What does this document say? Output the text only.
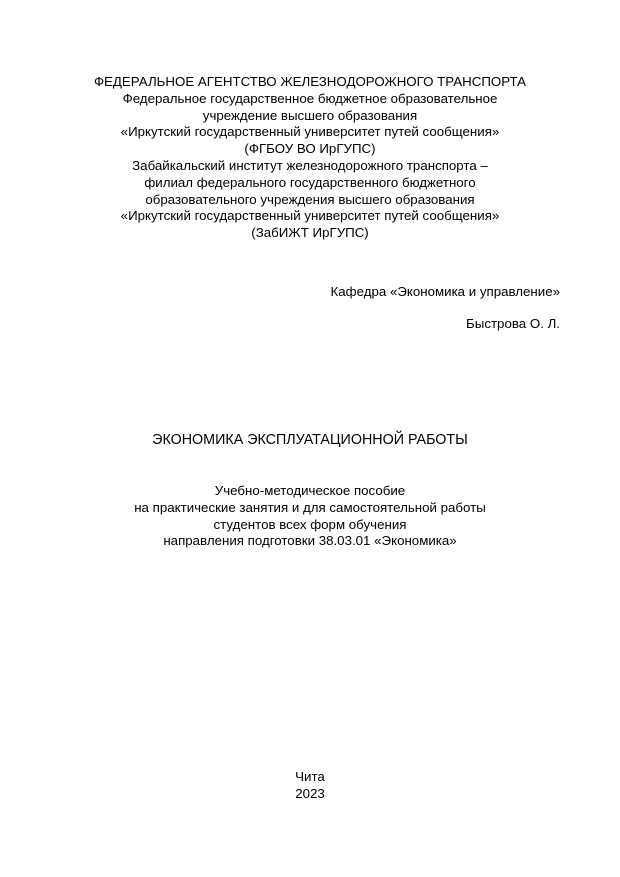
ФЕДЕРАЛЬНОЕ АГЕНТСТВО ЖЕЛЕЗНОДОРОЖНОГО ТРАНСПОРТА
Федеральное государственное бюджетное образовательное
учреждение высшего образования
«Иркутский государственный университет путей сообщения»
(ФГБОУ ВО ИрГУПС)
Забайкальский институт железнодорожного транспорта –
филиал федерального государственного бюджетного
образовательного учреждения высшего образования
«Иркутский государственный университет путей сообщения»
(ЗабИЖТ ИрГУПС)
Кафедра «Экономика и управление»
Быстрова О. Л.
ЭКОНОМИКА ЭКСПЛУАТАЦИОННОЙ РАБОТЫ
Учебно-методическое пособие
на практические занятия и для самостоятельной работы
студентов всех форм обучения
направления подготовки 38.03.01 «Экономика»
Чита
2023
